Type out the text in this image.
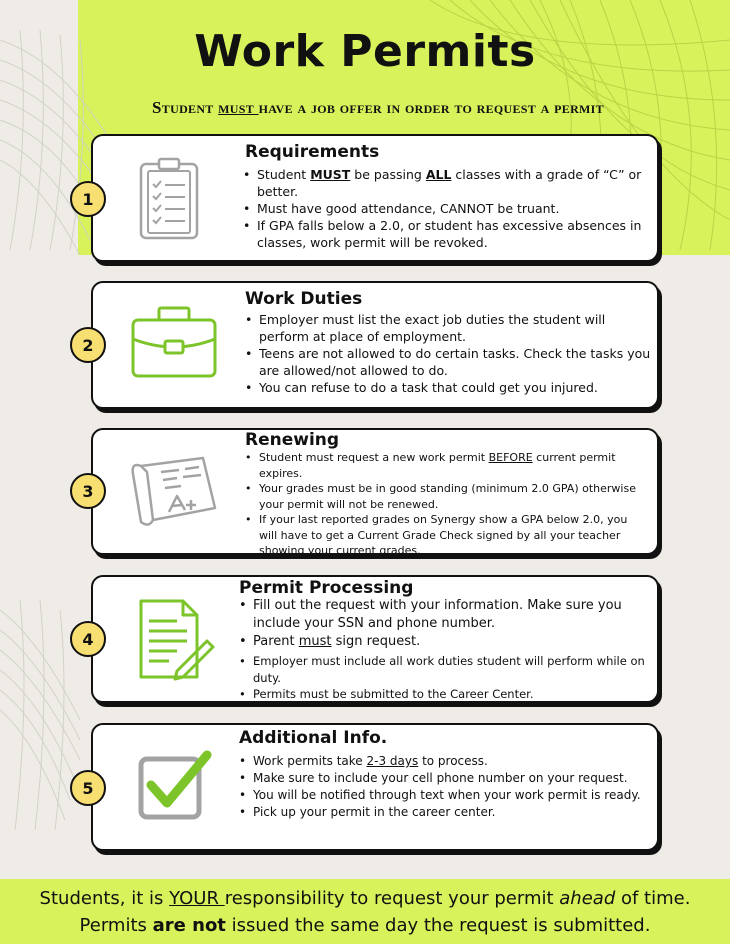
Work Permits
Student must have a job offer in order to request a permit
Requirements
• Student MUST be passing ALL classes with a grade of “C” or better.
• Must have good attendance, CANNOT be truant.
• If GPA falls below a 2.0, or student has excessive absences in classes, work permit will be revoked.
1
Work Duties
• Employer must list the exact job duties the student will perform at place of employment.
• Teens are not allowed to do certain tasks. Check the tasks you are allowed/not allowed to do.
• You can refuse to do a task that could get you injured.
2
Renewing
• Student must request a new work permit BEFORE current permit expires.
• Your grades must be in good standing (minimum 2.0 GPA) otherwise your permit will not be renewed.
• If your last reported grades on Synergy show a GPA below 2.0, you will have to get a Current Grade Check signed by all your teacher showing your current grades.
3
Permit Processing
• Fill out the request with your information. Make sure you include your SSN and phone number.
• Parent must sign request.
• Employer must include all work duties student will perform while on duty.
• Permits must be submitted to the Career Center.
4
Additional Info.
• Work permits take 2-3 days to process.
• Make sure to include your cell phone number on your request.
• You will be notified through text when your work permit is ready.
• Pick up your permit in the career center.
5
Students, it is YOUR responsibility to request your permit ahead of time.
Permits are not issued the same day the request is submitted.
